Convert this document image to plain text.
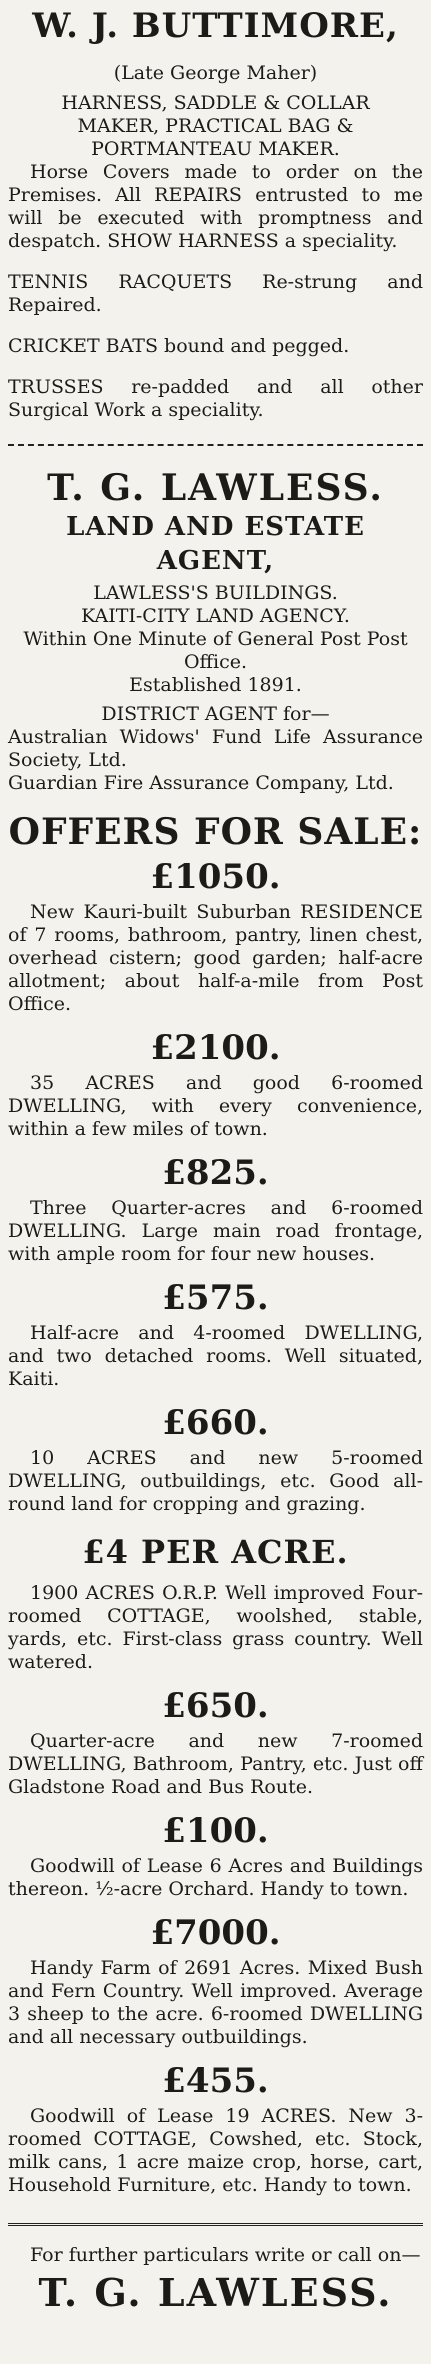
W. J. BUTTIMORE,

(Late George Maher)

HARNESS, SADDLE & COLLAR

MAKER, PRACTICAL BAG &

PORTMANTEAU MAKER.

Horse Covers made to order on the Premises. All REPAIRS entrusted to me will be executed with promptness and despatch. SHOW HARNESS a speciality.

TENNIS RACQUETS Re-strung and Repaired.

CRICKET BATS bound and pegged.

TRUSSES re-padded and all other Surgical Work a speciality.

T. G. LAWLESS.

LAND AND ESTATE AGENT,

LAWLESS'S BUILDINGS.

KAITI-CITY LAND AGENCY.

Within One Minute of General Post Post Office.

Established 1891.

DISTRICT AGENT for—

Australian Widows' Fund Life Assurance Society, Ltd.

Guardian Fire Assurance Company, Ltd.

OFFERS FOR SALE:

£1050.

New Kauri-built Suburban RESIDENCE of 7 rooms, bathroom, pantry, linen chest, overhead cistern; good garden; half-acre allotment; about half-a-mile from Post Office.

£2100.

35 ACRES and good 6-roomed DWELLING, with every convenience, within a few miles of town.

£825.

Three Quarter-acres and 6-roomed DWELLING. Large main road frontage, with ample room for four new houses.

£575.

Half-acre and 4-roomed DWELLING, and two detached rooms. Well situated, Kaiti.

£660.

10 ACRES and new 5-roomed DWELLING, outbuildings, etc. Good all-round land for cropping and grazing.

£4 PER ACRE.

1900 ACRES O.R.P. Well improved Four-roomed COTTAGE, woolshed, stable, yards, etc. First-class grass country. Well watered.

£650.

Quarter-acre and new 7-roomed DWELLING, Bathroom, Pantry, etc. Just off Gladstone Road and Bus Route.

£100.

Goodwill of Lease 6 Acres and Buildings thereon. ½-acre Orchard. Handy to town.

£7000.

Handy Farm of 2691 Acres. Mixed Bush and Fern Country. Well improved. Average 3 sheep to the acre. 6-roomed DWELLING and all necessary outbuildings.

£455.

Goodwill of Lease 19 ACRES. New 3-roomed COTTAGE, Cowshed, etc. Stock, milk cans, 1 acre maize crop, horse, cart, Household Furniture, etc. Handy to town.

For further particulars write or call on—

T. G. LAWLESS.
